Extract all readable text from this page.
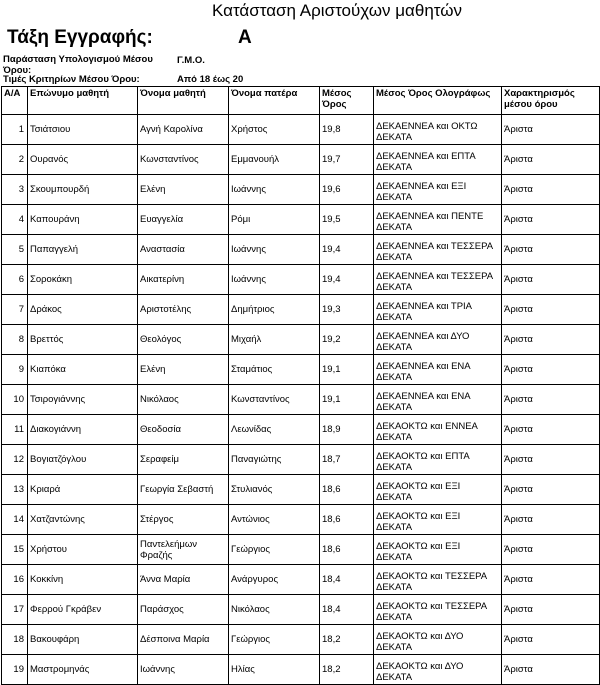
Κατάσταση Αριστούχων μαθητών
Τάξη Εγγραφής:	Α
Παράσταση Υπολογισμού Μέσου Όρου:
Γ.Μ.Ο.
Τιμές Κριτηρίων Μέσου Όρου:	Από 18 έως 20
Α/Α	Επώνυμο μαθητή	Όνομα μαθητή	Όνομα πατέρα	Μέσος Όρος	Μέσος Όρος Ολογράφως	Χαρακτηρισμός μέσου όρου
1	Τσιάτσιου	Αγνή Καρολίνα	Χρήστος	19,8	ΔΕΚΑΕΝΝΕΑ και ΟΚΤΩ
ΔΕΚΑΤΑ	Άριστα
2	Ουρανός	Κωνσταντίνος	Εμμανουήλ	19,7	ΔΕΚΑΕΝΝΕΑ και ΕΠΤΑ
ΔΕΚΑΤΑ	Άριστα
3	Σκουμπουρδή	Ελένη	Ιωάννης	19,6	ΔΕΚΑΕΝΝΕΑ και ΕΞΙ
ΔΕΚΑΤΑ	Άριστα
4	Καπουράνη	Ευαγγελία	Ρόμι	19,5	ΔΕΚΑΕΝΝΕΑ και ΠΕΝΤΕ
ΔΕΚΑΤΑ	Άριστα
5	Παπαγγελή	Αναστασία	Ιωάννης	19,4	ΔΕΚΑΕΝΝΕΑ και ΤΕΣΣΕΡΑ
ΔΕΚΑΤΑ	Άριστα
6	Σοροκάκη	Αικατερίνη	Ιωάννης	19,4	ΔΕΚΑΕΝΝΕΑ και ΤΕΣΣΕΡΑ
ΔΕΚΑΤΑ	Άριστα
7	Δράκος	Αριστοτέλης	Δημήτριος	19,3	ΔΕΚΑΕΝΝΕΑ και ΤΡΙΑ
ΔΕΚΑΤΑ	Άριστα
8	Βρεττός	Θεολόγος	Μιχαήλ	19,2	ΔΕΚΑΕΝΝΕΑ και ΔΥΟ
ΔΕΚΑΤΑ	Άριστα
9	Κιαπόκα	Ελένη	Σταμάτιος	19,1	ΔΕΚΑΕΝΝΕΑ και ΕΝΑ
ΔΕΚΑΤΑ	Άριστα
10	Τσιρογιάννης	Νικόλαος	Κωνσταντίνος	19,1	ΔΕΚΑΕΝΝΕΑ και ΕΝΑ
ΔΕΚΑΤΑ	Άριστα
11	Διακογιάννη	Θεοδοσία	Λεωνίδας	18,9	ΔΕΚΑΟΚΤΩ και ΕΝΝΕΑ
ΔΕΚΑΤΑ	Άριστα
12	Βογιατζόγλου	Σεραφείμ	Παναγιώτης	18,7	ΔΕΚΑΟΚΤΩ και ΕΠΤΑ
ΔΕΚΑΤΑ	Άριστα
13	Κριαρά	Γεωργία Σεβαστή	Στυλιανός	18,6	ΔΕΚΑΟΚΤΩ και ΕΞΙ
ΔΕΚΑΤΑ	Άριστα
14	Χατζαντώνης	Στέργος	Αντώνιος	18,6	ΔΕΚΑΟΚΤΩ και ΕΞΙ
ΔΕΚΑΤΑ	Άριστα
15	Χρήστου	Παντελεήμων Φραζής	Γεώργιος	18,6	ΔΕΚΑΟΚΤΩ και ΕΞΙ
ΔΕΚΑΤΑ	Άριστα
16	Κοκκίνη	Άννα Μαρία	Ανάργυρος	18,4	ΔΕΚΑΟΚΤΩ και ΤΕΣΣΕΡΑ
ΔΕΚΑΤΑ	Άριστα
17	Φερρού Γκράβεν	Παράσχος	Νικόλαος	18,4	ΔΕΚΑΟΚΤΩ και ΤΕΣΣΕΡΑ
ΔΕΚΑΤΑ	Άριστα
18	Βακουφάρη	Δέσποινα Μαρία	Γεώργιος	18,2	ΔΕΚΑΟΚΤΩ και ΔΥΟ
ΔΕΚΑΤΑ	Άριστα
19	Μαστρομηνάς	Ιωάννης	Ηλίας	18,2	ΔΕΚΑΟΚΤΩ και ΔΥΟ
ΔΕΚΑΤΑ	Άριστα
